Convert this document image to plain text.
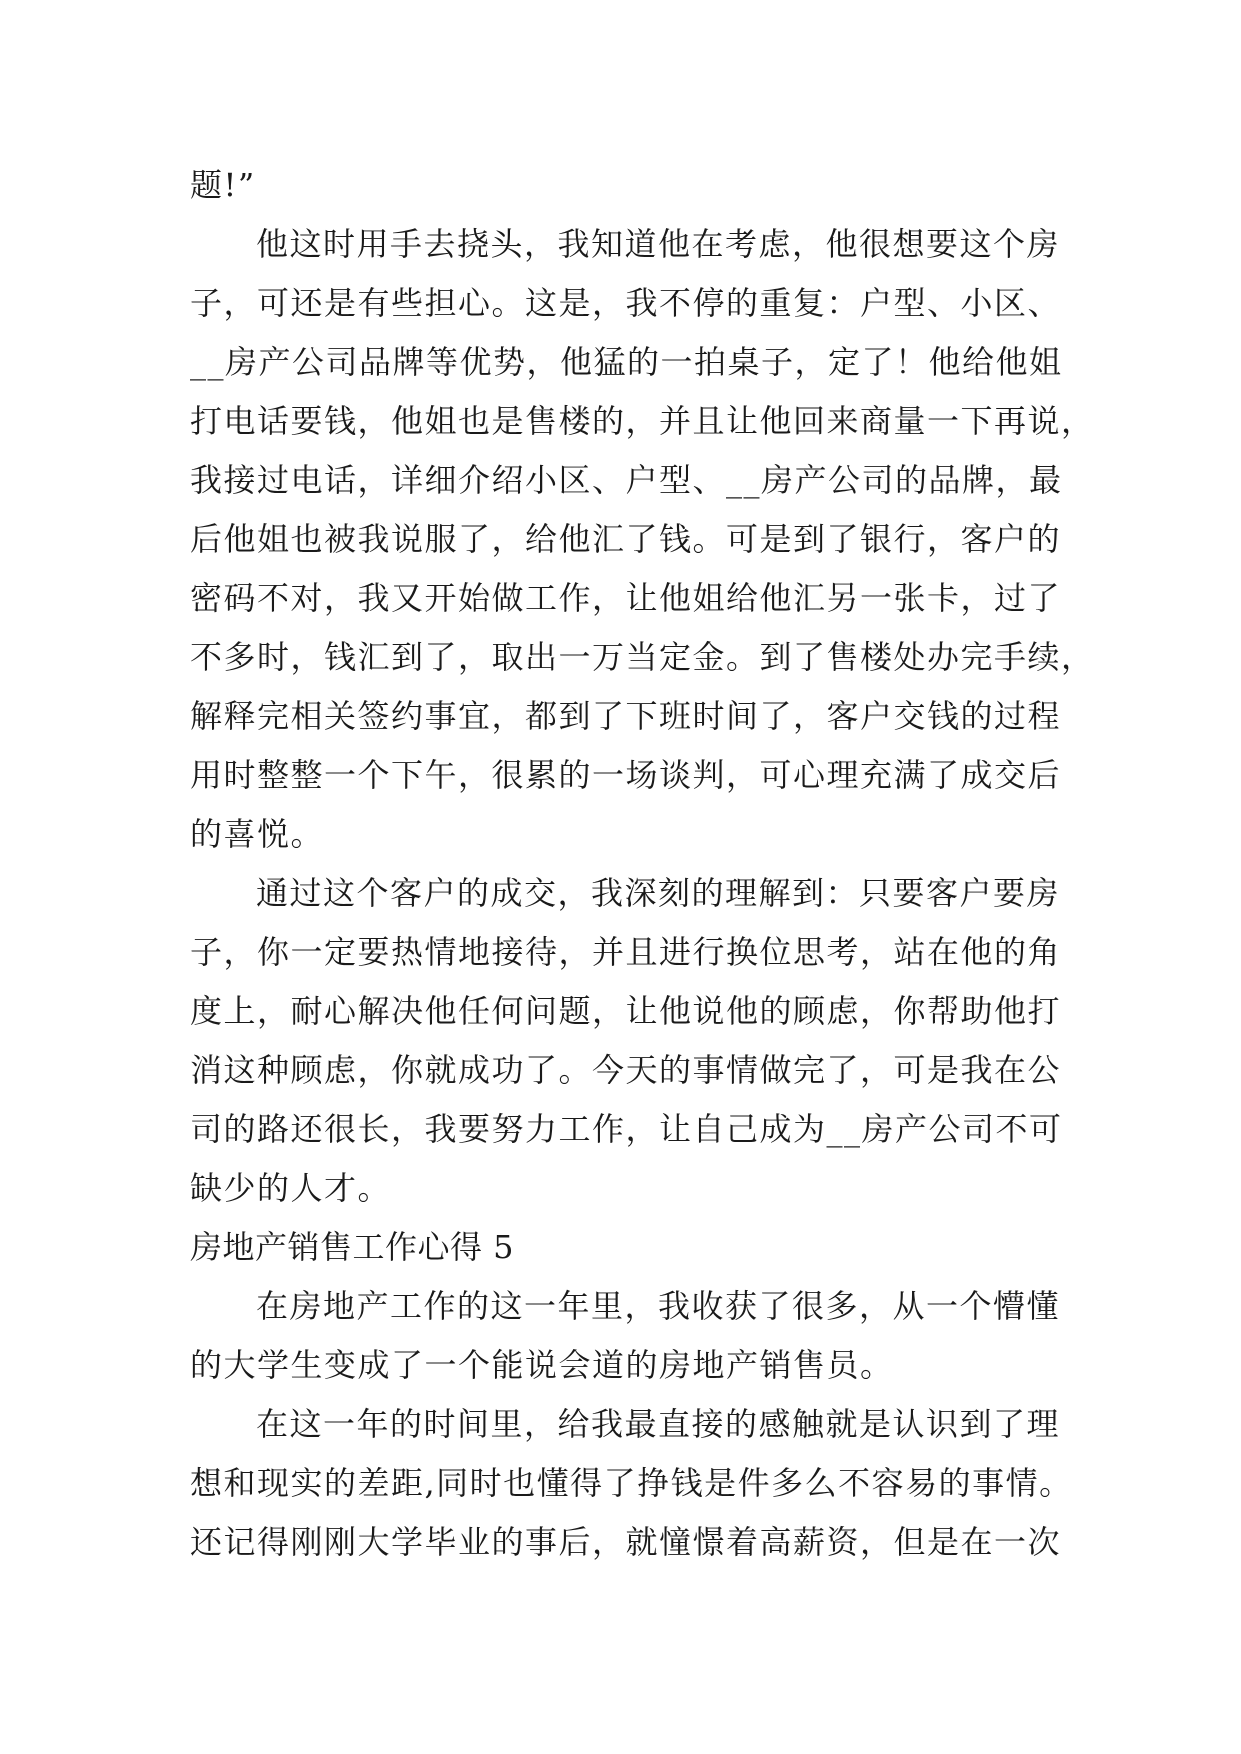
题!”
他这时用手去挠头，我知道他在考虑，他很想要这个房
子，可还是有些担心。这是，我不停的重复：户型、小区、
__房产公司品牌等优势，他猛的一拍桌子，定了！他给他姐
打电话要钱，他姐也是售楼的，并且让他回来商量一下再说，
我接过电话，详细介绍小区、户型、__房产公司的品牌，最
后他姐也被我说服了，给他汇了钱。可是到了银行，客户的
密码不对，我又开始做工作，让他姐给他汇另一张卡，过了
不多时，钱汇到了，取出一万当定金。到了售楼处办完手续，
解释完相关签约事宜，都到了下班时间了，客户交钱的过程
用时整整一个下午，很累的一场谈判，可心理充满了成交后
的喜悦。
通过这个客户的成交，我深刻的理解到：只要客户要房
子，你一定要热情地接待，并且进行换位思考，站在他的角
度上，耐心解决他任何问题，让他说他的顾虑，你帮助他打
消这种顾虑，你就成功了。今天的事情做完了，可是我在公
司的路还很长，我要努力工作，让自己成为__房产公司不可
缺少的人才。
房地产销售工作心得 5
在房地产工作的这一年里，我收获了很多，从一个懵懂
的大学生变成了一个能说会道的房地产销售员。
在这一年的时间里，给我最直接的感触就是认识到了理
想和现实的差距,同时也懂得了挣钱是件多么不容易的事情。
还记得刚刚大学毕业的事后，就憧憬着高薪资，但是在一次
